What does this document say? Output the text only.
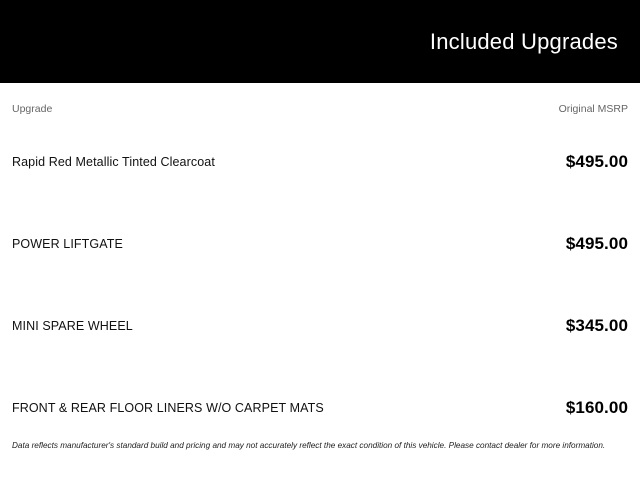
Included Upgrades
Upgrade	Original MSRP
Rapid Red Metallic Tinted Clearcoat	$495.00
POWER LIFTGATE	$495.00
MINI SPARE WHEEL	$345.00
FRONT & REAR FLOOR LINERS W/O CARPET MATS	$160.00
Data reflects manufacturer's standard build and pricing and may not accurately reflect the exact condition of this vehicle. Please contact dealer for more information.
